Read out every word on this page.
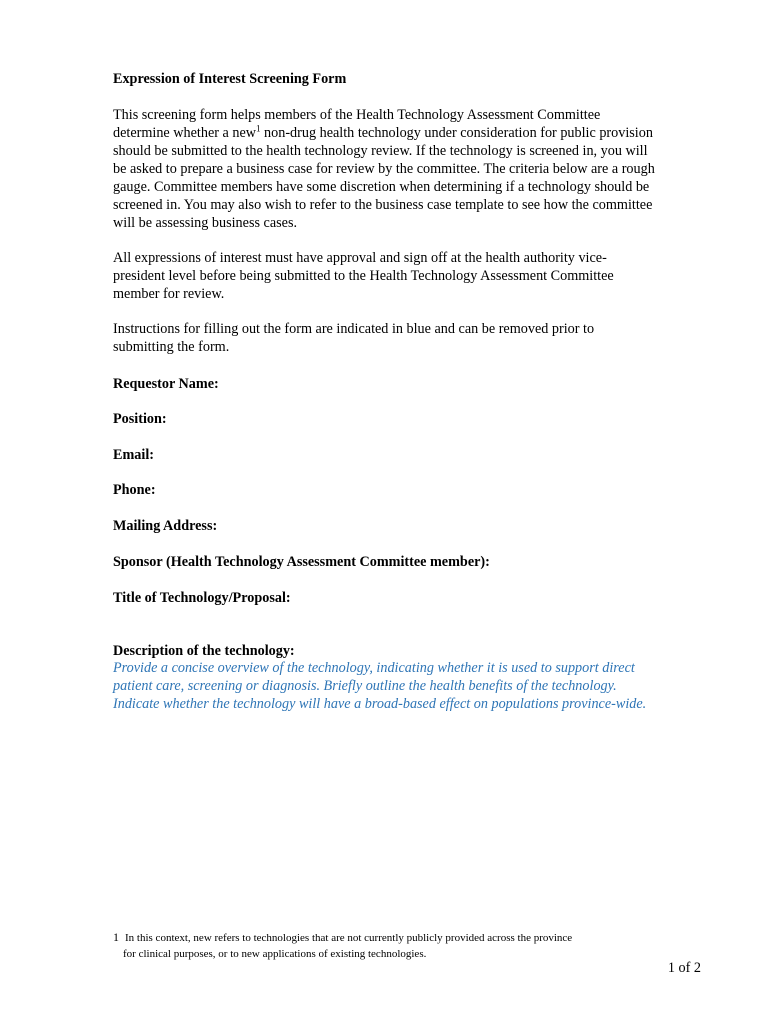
Expression of Interest Screening Form
This screening form helps members of the Health Technology Assessment Committee determine whether a new$^1$ non-drug health technology under consideration for public provision should be submitted to the health technology review. If the technology is screened in, you will be asked to prepare a business case for review by the committee. The criteria below are a rough gauge. Committee members have some discretion when determining if a technology should be screened in. You may also wish to refer to the business case template to see how the committee will be assessing business cases.
All expressions of interest must have approval and sign off at the health authority vice-president level before being submitted to the Health Technology Assessment Committee member for review.
Instructions for filling out the form are indicated in blue and can be removed prior to submitting the form.
Requestor Name:
Position:
Email:
Phone:
Mailing Address:
Sponsor (Health Technology Assessment Committee member):
Title of Technology/Proposal:
Description of the technology:
Provide a concise overview of the technology, indicating whether it is used to support direct patient care, screening or diagnosis. Briefly outline the health benefits of the technology. Indicate whether the technology will have a broad-based effect on populations province-wide.
1 In this context, new refers to technologies that are not currently publicly provided across the province
for clinical purposes, or to new applications of existing technologies.
1 of 2
